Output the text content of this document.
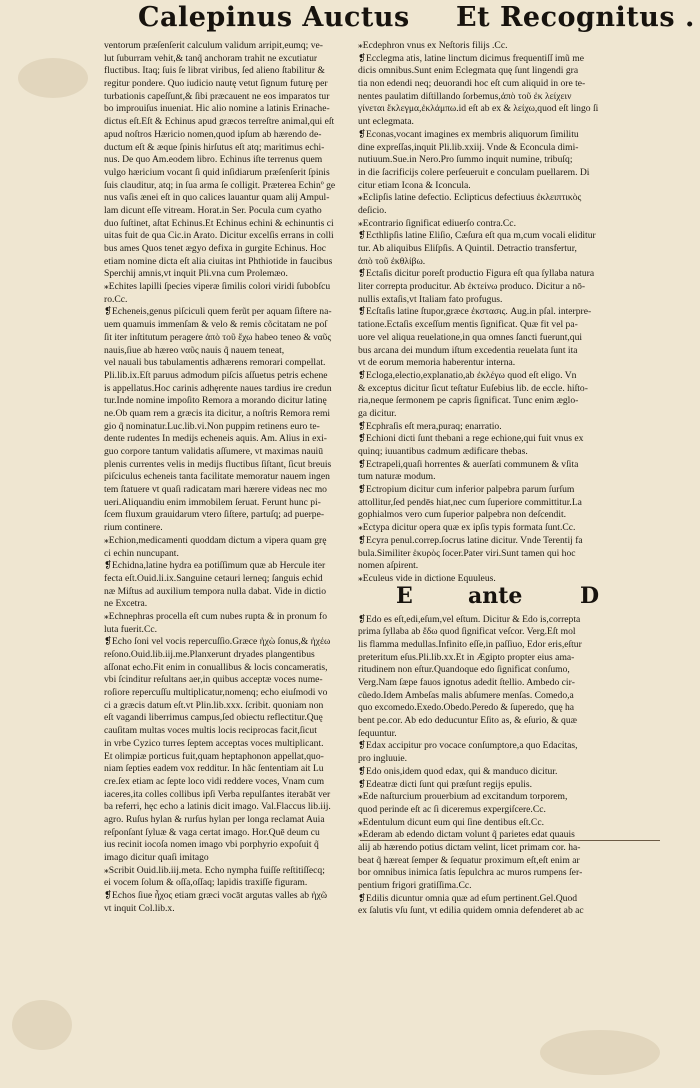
Calepinus Auctus Et Recognitus .
ventorum præſenſerit calculum validum arripit,eumq; ve‑
lut ſuburram vehit,& tanq̃ anchoram trahit ne excutiatur
fluctibus. Itaq; ſuis ſe librat viribus, ſed alieno ſtabilitur &
regitur pondere. Quo iudicio nautę vetut ſignum futurę per
turbationis capeſſunt,& ſibi præcauent ne eos imparatos tur
bo improuiſus inueniat. Hic alio nomine a latinis Erinache‑
dictus eſt.Eſt & Echinus apud græcos terreſtre animal,qui eſt
apud noſtros Hæricio nomen,quod ipſum ab hærendo de‑
ductum eſt & æque ſpinis hirſutus eſt atq; maritimus echi‑
nus. De quo Am.eodem libro. Echinus iſte terrenus quem
vulgo hæricium vocant ſi quid inſidiarum præſenſerit ſpinis
ſuis clauditur, atq; in ſua arma ſe colligit. Præterea Echinº ge
nus vaſis ænei eſt in quo calices lauantur quam alij Ampul‑
lam dicunt eſſe vitream. Horat.in Ser. Pocula cum cyatho
duo ſuſtinet, aſtat Echinus.Et Echinus echini & echinuntis ci
uitas fuit de qua Cic.in Arato. Dicitur excelſis errans in colli
bus ames Quos tenet ægyo defixa in gurgite Echinus. Hoc
etiam nomine dicta eſt alia ciuitas int Phthiotide in faucibus
Sperchij amnis,vt inquit Pli.vna cum Prolemæo.
⁎Echites lapilli ſpecies viperæ ſimilis colori viridi ſubobſcu
ro.Cc.
❡Echeneis,genus piſciculi quem ferũt per aquam ſiſtere na‑
uem quamuis immenſam & velo & remis cõcitatam ne poſ
ſit iter inſtitutum peragere ἀπὸ τοῦ ἔχω habeo teneo & ναῦς
nauis,ſiue ab hæreo ναῦς nauis q̃ nauem teneat,
vel nauali bus tabulamentis adhærens remorari compellat.
Pli.lib.ix.Eſt paruus admodum piſcis aſſuetus petris echene
is appellatus.Hoc carinis adhęrente naues tardius ire credun
tur.Inde nomine impoſito Remora a morando dicitur latinę
ne.Ob quam rem a græcis ita dicitur, a noſtris Remora remi
gio q̃ nominatur.Luc.lib.vi.Non puppim retinens euro te‑
dente rudentes In medijs echeneis aquis. Am. Alius in exi‑
guo corpore tantum validatis aſſumere, vt maximas nauiū
plenis currentes velis in medijs fluctibus ſiſtant, ſicut breuis
piſciculus echeneis tanta facilitate memoratur nauem ingen
tem ſtatuere vt quaſi radicatam mari hærere videas nec mo
ueri.Aliquandiu enim immobilem ſeruat. Ferunt hunc pi‑
ſcem fluxum grauidarum vtero ſiſtere, partuſq; ad puerpe‑
rium continere.
⁎Echion,medicamenti quoddam dictum a vipera quam grę
ci echin nuncupant.
❡Echidna,latine hydra ea potiſſimum quæ ab Hercule iter
fecta eſt.Ouid.li.ix.Sanguine cetauri lerneq; ſanguis echid
næ Miſtus ad auxilium tempora nulla dabat. Vide in dictio
ne Excetra.
⁎Echnephras procella eſt cum nubes rupta & in pronum fo
luta fuerit.Cc.
❡Echo ſoni vel vocis repercuſſio.Græce ἠχὼ ſonus,& ἠχέω
reſono.Ouid.lib.iij.me.Planxerunt dryades plangentibus
aſſonat echo.Fit enim in conuallibus & locis concameratis,
vbi ſcinditur reſultans aer,in quibus acceptæ voces nume‑
roſiore repercuſſu multiplicatur,nomenq; echo eiuſmodi vo
ci a græcis datum eſt.vt Plin.lib.xxx. ſcribit. quoniam non
eſt vagandi liberrimus campus,ſed obiectu reflectitur.Quę
cauſitam multas voces multis locis reciprocas facit,ſicut
in vrbe Cyzico turres ſeptem acceptas voces multiplicant.
Et olimpiæ porticus fuit,quam heptaphonon appellat,quo‑
niam ſepties eadem vox redditur. In hãc ſententiam ait Lu
cre.ſex etiam ac ſepte loco vidi reddere voces, Vnam cum
iaceres,ita colles collibus ipſi Verba repulſantes iterabāt ver
ba referri, hęc echo a latinis dicit imago. Val.Flaccus lib.iij.
agro. Ruſus hylan & rurſus hylan per longa reclamat Auia
reſponſant ſyluæ & vaga certat imago. Hor.Quē deum cu
ius recinit iocoſa nomen imago vbi porphyrio expoſuit q̃
imago dicitur quaſi imitago
⁎Scribit Ouid.lib.iij.meta. Echo nympha fuiſſe reſtitiſſecq;
ei vocem ſolum & oſſa,oſſaq; lapidis traxiſſe figuram.
❡Echos ſiue ἦχος etiam græci vocāt argutas valles ab ἠχῶ
vt inquit Col.lib.x.
⁎Ecdephron vnus ex Neſtoris filijs .Cc.
❡Ecclegma atis, latine linctum dicimus frequentiſſ imũ me
dicis omnibus.Sunt enim Eclegmata quę ſunt lingendi gra
tia non edendi neq; deuorandi hoc eſt cum aliquid in ore te‑
nentes paulatim diſtillando ſorbemus,ἀπὸ τοῦ ἐκ λείχειν
γίνεται ἔκλεγμα,ἐκλάμπω.id eſt ab ex & λείχω,quod eſt lingo ſi
unt eclegmata.
❡Econas,vocant imagines ex membris aliquorum ſimilitu
dine expreſſas,inquit Pli.lib.xxiij. Vnde & Econcula dimi‑
nutiuum.Sue.in Nero.Pro ſummo inquit numine, tribuſq;
in die ſacrificijs colere perſeueruit e conculam puellarem. Di
citur etiam Icona & Iconcula.
⁎Eclipſis latine defectio. Eclipticus defectiuus ἐκλειπτικὸς
deſicio.
⁎Econtrario ſignificat ediuerſo contra.Cc.
❡Ecthlipſis latine Eliſio, Cæſura eſt qua m,cum vocali eliditur
tur. Ab aliquibus Eliſpſis. A Quintil. Detractio transfertur,
ἀπὸ τοῦ ἐκθλίβω.
❡Ectaſis dicitur poreſt productio Figura eſt qua ſyllaba natura
liter correpta producitur. Ab ἐκτείνω produco. Dicitur a nō‑
nullis extaſis,vt Italiam fato profugus.
❡Ecſtaſis latine ſtupor,græce ἐκστασις. Aug.in pſal. interpre‑
tatione.Ectaſis exceſſum mentis ſignificat. Quæ fit vel pa‑
uore vel aliqua reuelatione,in qua omnes ſancti fuerunt,qui
bus arcana dei mundum iſtum excedentia reuelata ſunt ita
vt de eorum memoria haberentur interna.
❡Ecloga,electio,explanatio,ab ἐκλέγω quod eſt eligo. Vn
& exceptus dicitur ſicut teſtatur Euſebius lib. de eccle. hiſto‑
ria,neque ſermonem pe capris ſignificat. Tunc enim æglo‑
ga dicitur.
❡Ecphraſis eſt mera,puraq; enarratio.
❡Echioni dicti ſunt thebani a rege echione,qui fuit vnus ex
quinq; iuuantibus cadmum ædificare thebas.
❡Ectrapeli,quaſi horrentes & auerſati communem & vſita
tum naturæ modum.
❡Ectropium dicitur cum inferior palpebra parum ſurſum
attollitur,ſed pendēs hiat,nec cum ſuperiore committitur.La
gophialmos vero cum ſuperior palpebra non deſcendit.
⁎Ectypa dicitur opera quæ ex ipſis typis formata ſunt.Cc.
❡Ecyra penul.correp.ſocrus latine dicitur. Vnde Terentij fa
bula.Similiter ἑκυρὸς ſocer.Pater viri.Sunt tamen qui hoc
nomen aſpirent.
⁎Eculeus vide in dictione Equuleus.
E	ante	D
❡Edo es eſt,edi,eſum,vel eſtum. Dicitur & Edo is,correpta
prima ſyllaba ab ἔδω quod ſignificat veſcor. Verg.Eſt mol
lis flamma medullas.Infinito eſſe,in paſſiuo, Edor eris,eſtur
preteritum eſus.Pli.lib.xx.Et in Ægipto propter eius ama‑
ritudinem non eſtur.Quandoque edo ſignificat conſumo,
Verg.Nam ſæpe fauos ignotus adedit ſtellio. Ambedo cir‑
cũedo.Idem Ambeſas malis abſumere menſas. Comedo,a
quo excomedo.Exedo.Obedo.Peredo & ſuperedo, quę ha
bent pe.cor. Ab edo deducuntur Eſito as, & eſurio, & quæ
ſequuntur.
❡Edax accipitur pro vocace conſumptore,a quo Edacitas,
pro ingluuie.
❡Edo onis,idem quod edax, qui & manduco dicitur.
❡Edeatræ dicti ſunt qui præſunt regijs epulis.
⁎Ede naſturcium prouerbium ad excitandum torporem,
quod perinde eſt ac ſi diceremus expergiſcere.Cc.
⁎Edentulum dicunt eum qui ſine dentibus eſt.Cc.
⁎Ederam ab edendo dictam volunt q̃ parietes edat quauis
alij ab hærendo potius dictam velint, licet primam cor. ha‑
beat q̃ hæreat ſemper & ſequatur proximum eſt,eſt enim ar
bor omnibus inimica ſatis ſepulchra ac muros rumpens ſer‑
pentium frigori gratiſſima.Cc.
❡Edilis dicuntur omnia quæ ad eſum pertinent.Gel.Quod
ex ſalutis vſu ſunt, vt edilia quidem omnia defenderet ab ac
